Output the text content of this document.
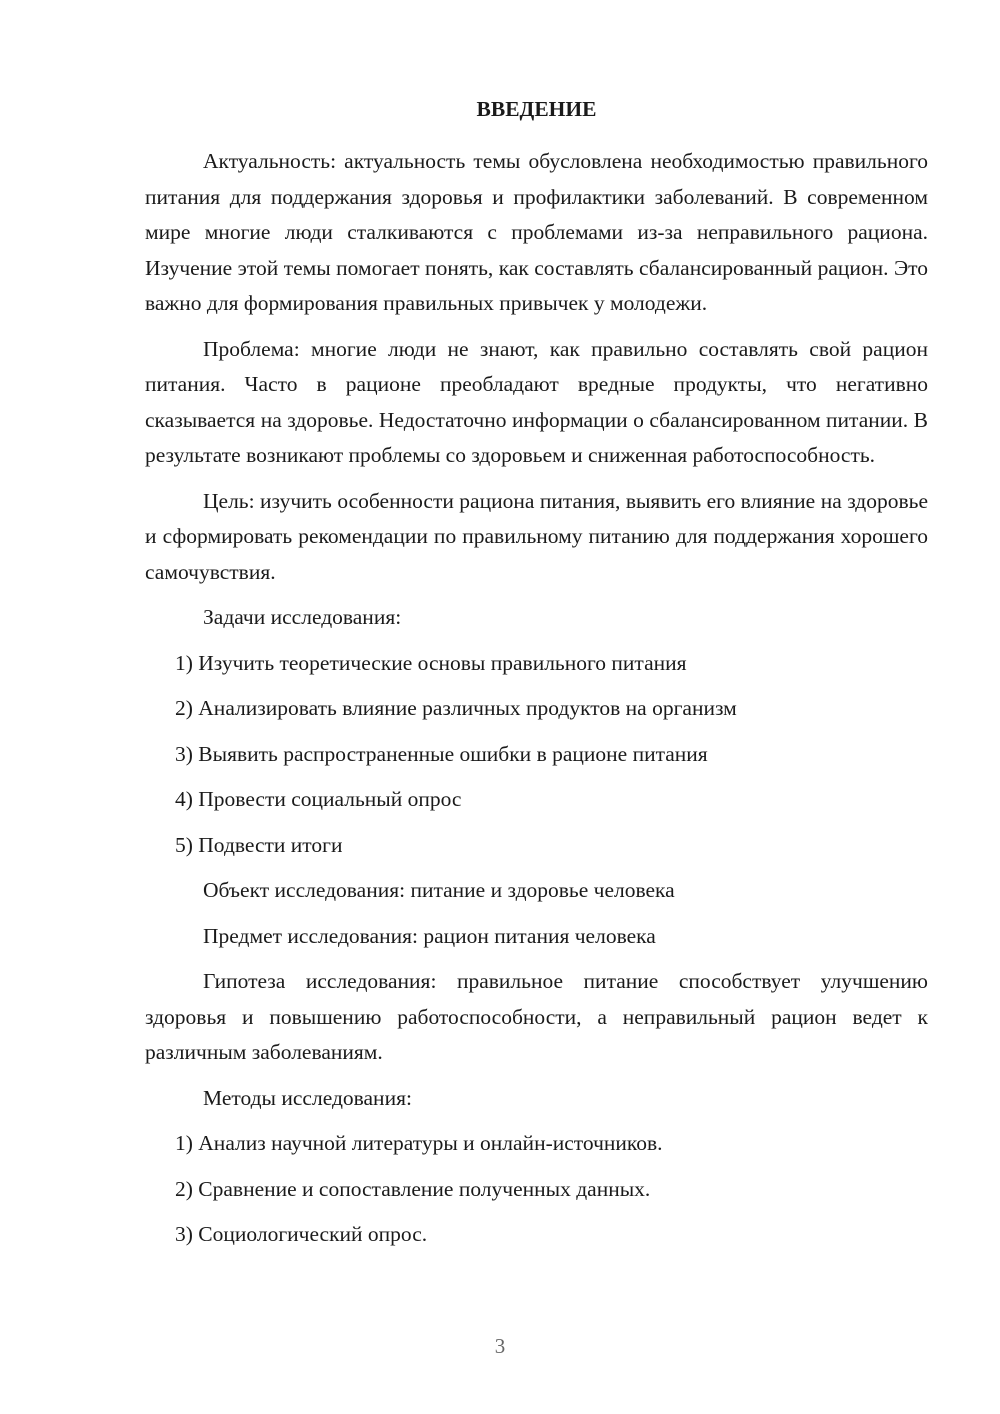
ВВЕДЕНИЕ

Актуальность: актуальность темы обусловлена необходимостью правильного питания для поддержания здоровья и профилактики заболеваний. В современном мире многие люди сталкиваются с проблемами из-за неправильного рациона. Изучение этой темы помогает понять, как составлять сбалансированный рацион. Это важно для формирования правильных привычек у молодежи.

Проблема: многие люди не знают, как правильно составлять свой рацион питания. Часто в рационе преобладают вредные продукты, что негативно сказывается на здоровье. Недостаточно информации о сбалансированном питании. В результате возникают проблемы со здоровьем и сниженная работоспособность.

Цель: изучить особенности рациона питания, выявить его влияние на здоровье и сформировать рекомендации по правильному питанию для поддержания хорошего самочувствия.

Задачи исследования:

1) Изучить теоретические основы правильного питания

2) Анализировать влияние различных продуктов на организм

3) Выявить распространенные ошибки в рационе питания

4) Провести социальный опрос

5) Подвести итоги

Объект исследования: питание и здоровье человека

Предмет исследования: рацион питания человека

Гипотеза исследования: правильное питание способствует улучшению здоровья и повышению работоспособности, а неправильный рацион ведет к различным заболеваниям.

Методы исследования:

1) Анализ научной литературы и онлайн-источников.

2) Сравнение и сопоставление полученных данных.

3) Социологический опрос.

3
